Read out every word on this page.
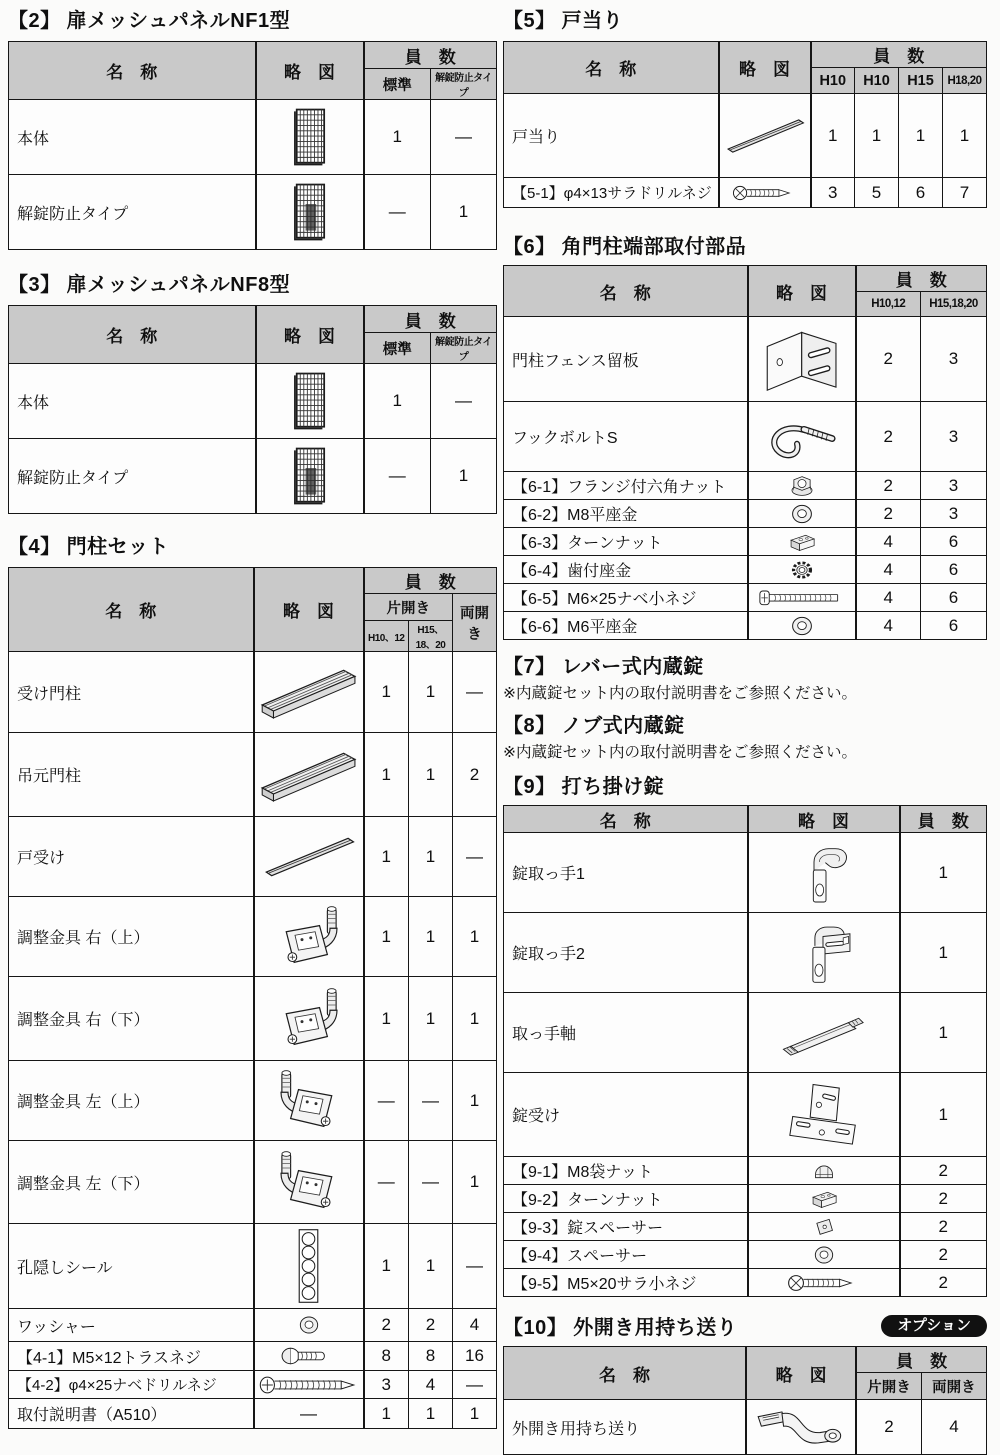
【2】 扉メッシュパネルNF1型
名　称	略　図	員　数	
		標準	解錠防止タイプ
本体		1	—
解錠防止タイプ		—	1
【3】 扉メッシュパネルNF8型
名　称	略　図	員　数	
		標準	解錠防止タイプ
本体		1	—
解錠防止タイプ		—	1
【4】 門柱セット
名　称	略　図	員　数		
		片開き		両開き
		H10、12	H15、18、20	
受け門柱		1	1	—
吊元門柱		1	1	2
戸受け		1	1	—
調整金具 右（上）		1	1	1
調整金具 右（下）		1	1	1
調整金具 左（上）		—	—	1
調整金具 左（下）		—	—	1
孔隠しシール		1	1	—
ワッシャー		2	2	4
【4-1】M5×12トラスネジ		8	8	16
【4-2】φ4×25ナベドリルネジ		3	4	—
取付説明書（A510）	—	1	1	1
【5】 戸当り
名　称	略　図	員　数			
		H10	H10	H15	H18,20
戸当り		1	1	1	1
【5-1】φ4×13サラドリルネジ		3	5	6	7
【6】 角門柱端部取付部品
名　称	略　図	員　数	
		H10,12	H15,18,20
門柱フェンス留板		2	3
フックボルトS		2	3
【6-1】フランジ付六角ナット		2	3
【6-2】M8平座金		2	3
【6-3】ターンナット		4	6
【6-4】歯付座金		4	6
【6-5】M6×25ナベ小ネジ		4	6
【6-6】M6平座金		4	6
【7】 レバー式内蔵錠
※内蔵錠セット内の取付説明書をご参照ください。
【8】 ノブ式内蔵錠
※内蔵錠セット内の取付説明書をご参照ください。
【9】 打ち掛け錠
名　称	略　図	員　数
錠取っ手1		1
錠取っ手2		1
取っ手軸		1
錠受け		1
【9-1】M8袋ナット		2
【9-2】ターンナット		2
【9-3】錠スペーサー		2
【9-4】スペーサー		2
【9-5】M5×20サラ小ネジ		2
【10】 外開き用持ち送り	オプション
名　称	略　図	員　数	
		片開き	両開き
外開き用持ち送り		2	4
